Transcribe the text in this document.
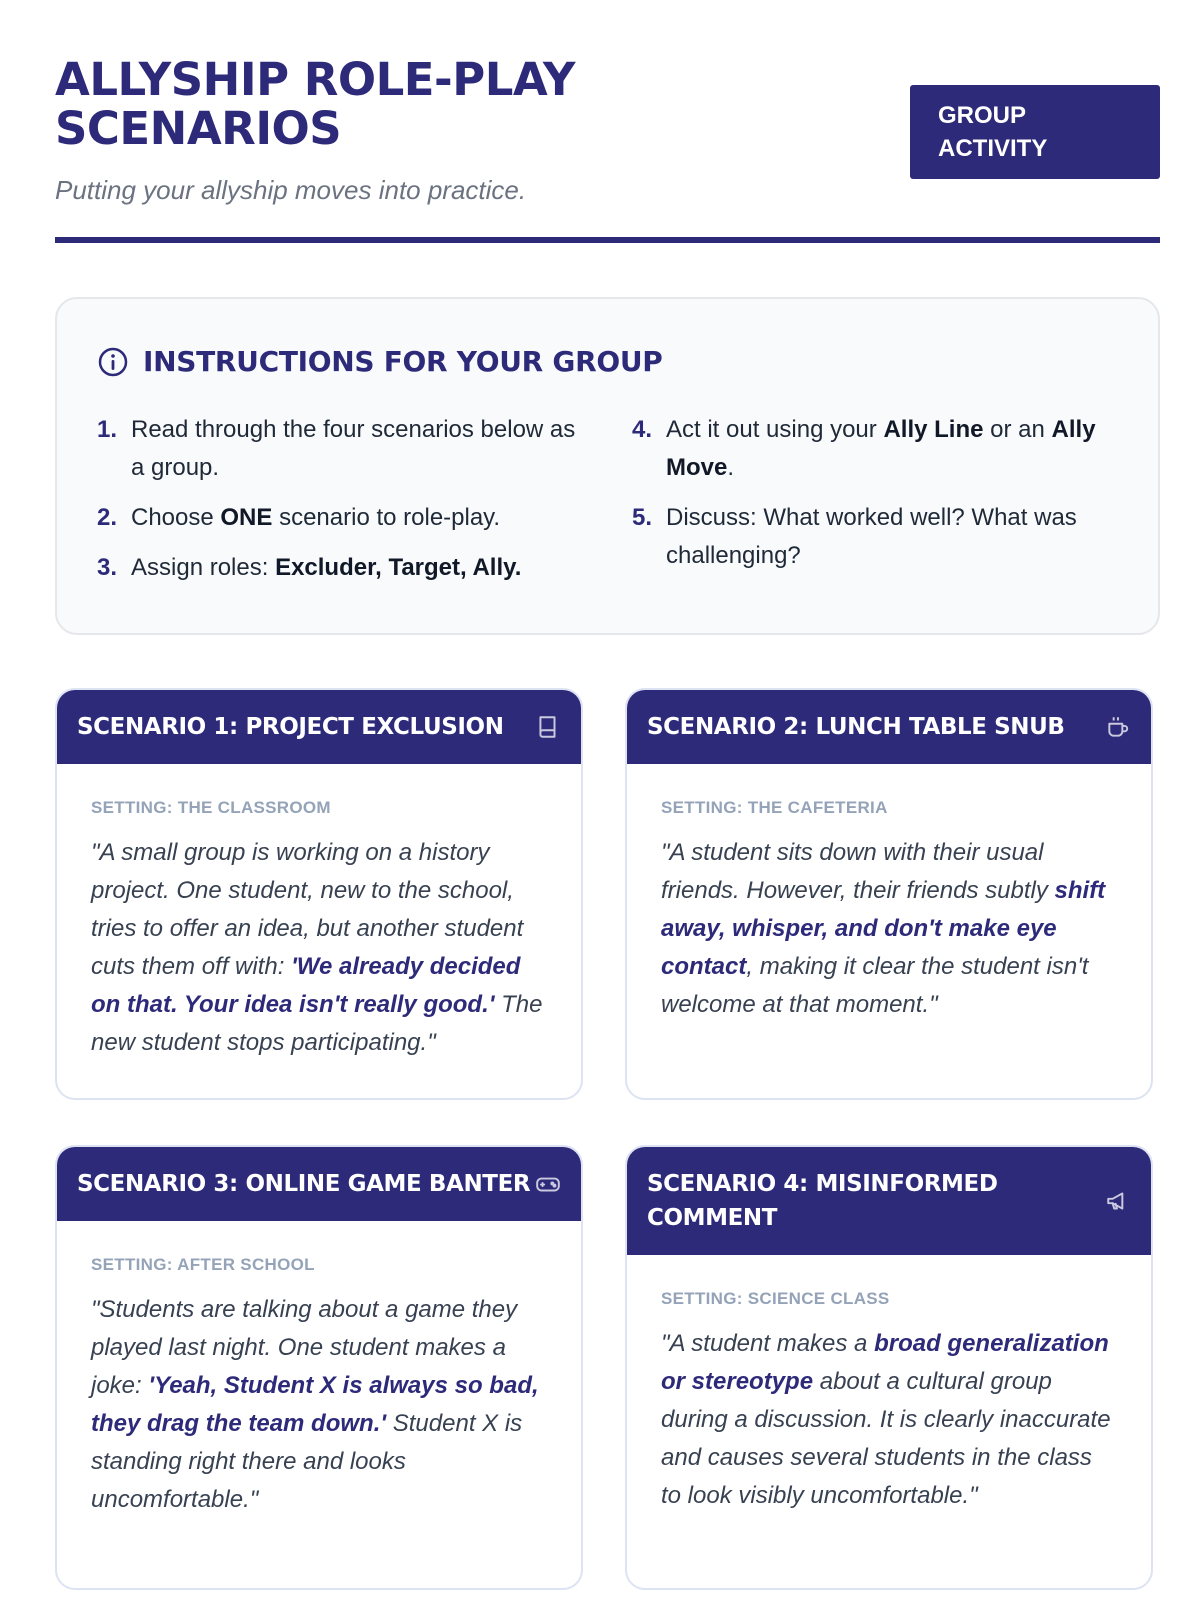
ALLYSHIP ROLE-PLAY SCENARIOS

Putting your allyship moves into practice.

GROUP ACTIVITY
INSTRUCTIONS FOR YOUR GROUP
1. Read through the four scenarios below as a group.
2. Choose ONE scenario to role-play.
3. Assign roles: Excluder, Target, Ally.
4. Act it out using your Ally Line or an Ally Move.
5. Discuss: What worked well? What was challenging?
SCENARIO 1: PROJECT EXCLUSION
SETTING: THE CLASSROOM

"A small group is working on a history project. One student, new to the school, tries to offer an idea, but another student cuts them off with: 'We already decided on that. Your idea isn't really good.' The new student stops participating."

SCENARIO 2: LUNCH TABLE SNUB
SETTING: THE CAFETERIA

"A student sits down with their usual friends. However, their friends subtly shift away, whisper, and don't make eye contact, making it clear the student isn't welcome at that moment."

SCENARIO 3: ONLINE GAME BANTER
SETTING: AFTER SCHOOL

"Students are talking about a game they played last night. One student makes a joke: 'Yeah, Student X is always so bad, they drag the team down.' Student X is standing right there and looks uncomfortable."

SCENARIO 4: MISINFORMED COMMENT
SETTING: SCIENCE CLASS

"A student makes a broad generalization or stereotype about a cultural group during a discussion. It is clearly inaccurate and causes several students in the class to look visibly uncomfortable."
